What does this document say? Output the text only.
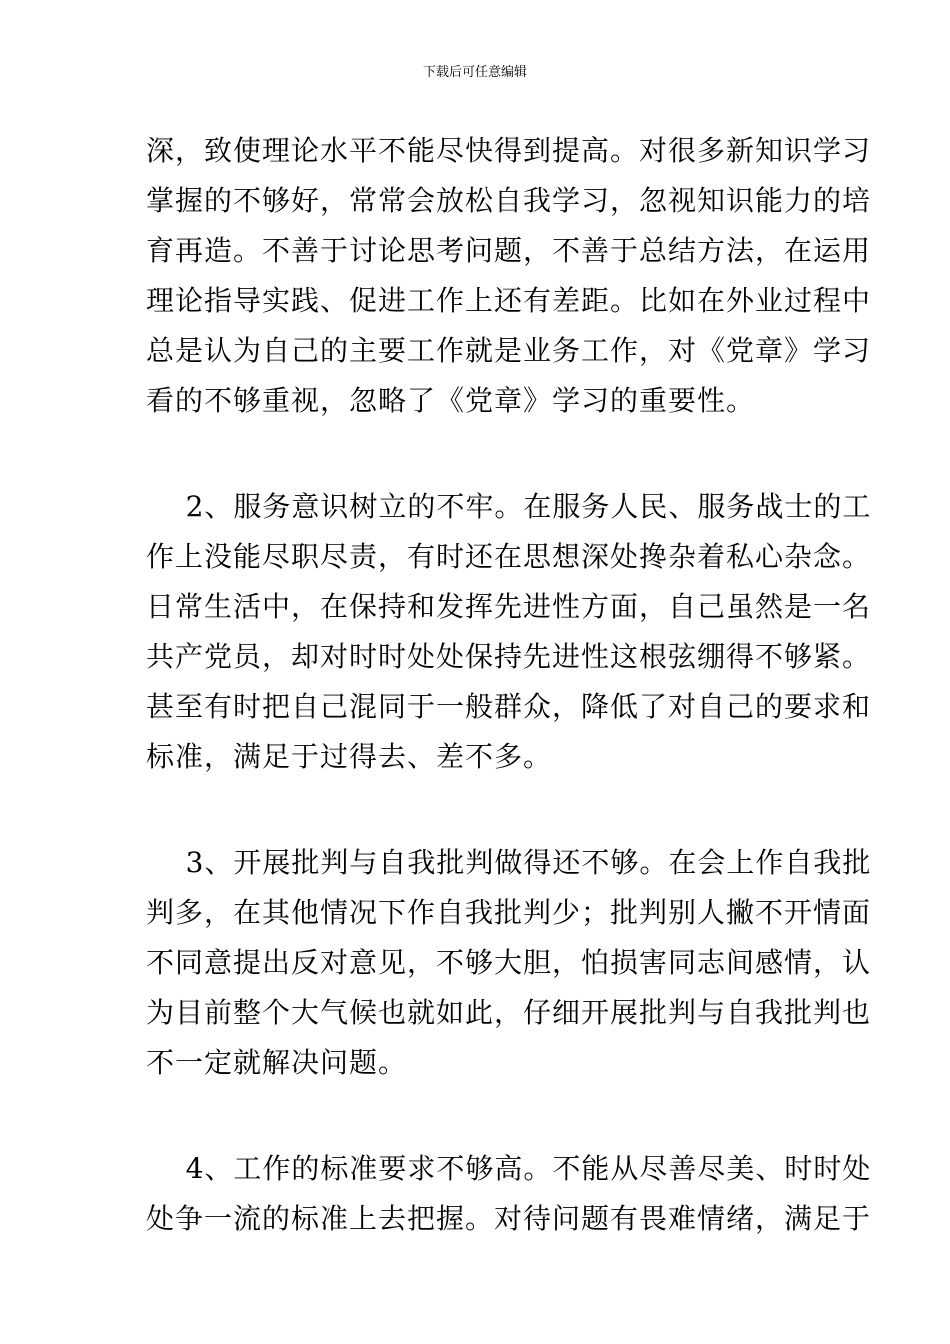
下载后可任意编辑
深，致使理论水平不能尽快得到提高。对很多新知识学习
掌握的不够好，常常会放松自我学习，忽视知识能力的培
育再造。不善于讨论思考问题，不善于总结方法，在运用
理论指导实践、促进工作上还有差距。比如在外业过程中
总是认为自己的主要工作就是业务工作，对《党章》学习
看的不够重视，忽略了《党章》学习的重要性。
2、服务意识树立的不牢。在服务人民、服务战士的工
作上没能尽职尽责，有时还在思想深处搀杂着私心杂念。
日常生活中，在保持和发挥先进性方面，自己虽然是一名
共产党员，却对时时处处保持先进性这根弦绷得不够紧。
甚至有时把自己混同于一般群众，降低了对自己的要求和
标准，满足于过得去、差不多。
3、开展批判与自我批判做得还不够。在会上作自我批
判多，在其他情况下作自我批判少；批判别人撇不开情面
不同意提出反对意见，不够大胆，怕损害同志间感情，认
为目前整个大气候也就如此，仔细开展批判与自我批判也
不一定就解决问题。
4、工作的标准要求不够高。不能从尽善尽美、时时处
处争一流的标准上去把握。对待问题有畏难情绪，满足于
